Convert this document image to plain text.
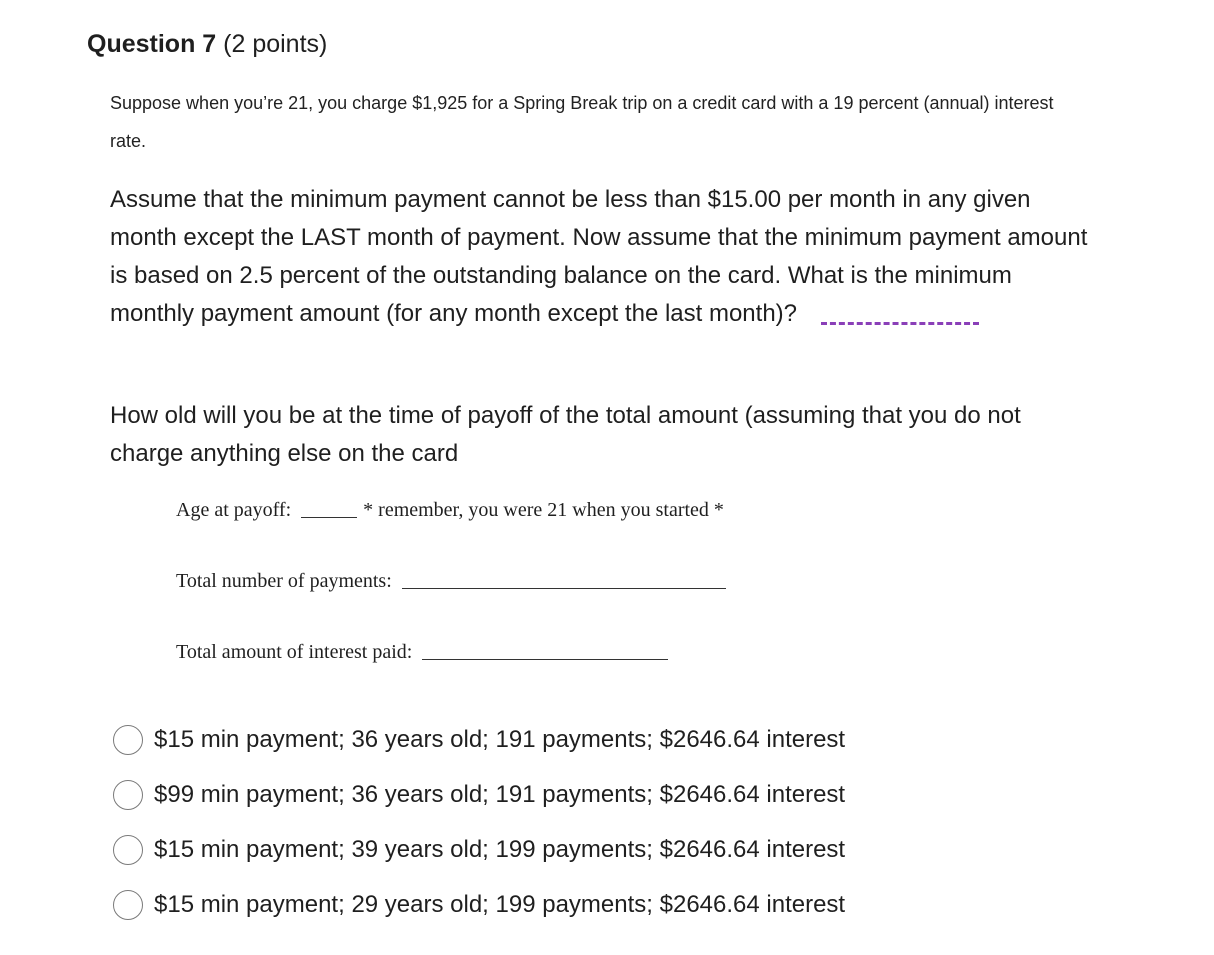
Question 7 (2 points)
Suppose when you’re 21, you charge $1,925 for a Spring Break trip on a credit card with a 19 percent (annual) interest rate.
Assume that the minimum payment cannot be less than $15.00 per month in any given month except the LAST month of payment. Now assume that the minimum payment amount is based on 2.5 percent of the outstanding balance on the card. What is the minimum monthly payment amount (for any month except the last month)?
How old will you be at the time of payoff of the total amount (assuming that you do not charge anything else on the card
Age at payoff:	* remember, you were 21 when you started *
Total number of payments:
Total amount of interest paid:
$15 min payment; 36 years old; 191 payments; $2646.64 interest
$99 min payment; 36 years old; 191 payments; $2646.64 interest
$15 min payment; 39 years old; 199 payments; $2646.64 interest
$15 min payment; 29 years old; 199 payments; $2646.64 interest
